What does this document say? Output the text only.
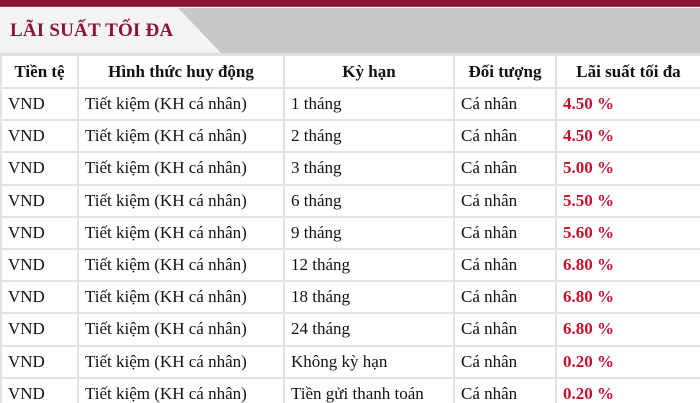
LÃI SUẤT TỐI ĐA
Tiền tệ	Hình thức huy động	Kỳ hạn	Đối tượng	Lãi suất tối đa
VND	Tiết kiệm (KH cá nhân)	1 tháng	Cá nhân	4.50 %
VND	Tiết kiệm (KH cá nhân)	2 tháng	Cá nhân	4.50 %
VND	Tiết kiệm (KH cá nhân)	3 tháng	Cá nhân	5.00 %
VND	Tiết kiệm (KH cá nhân)	6 tháng	Cá nhân	5.50 %
VND	Tiết kiệm (KH cá nhân)	9 tháng	Cá nhân	5.60 %
VND	Tiết kiệm (KH cá nhân)	12 tháng	Cá nhân	6.80 %
VND	Tiết kiệm (KH cá nhân)	18 tháng	Cá nhân	6.80 %
VND	Tiết kiệm (KH cá nhân)	24 tháng	Cá nhân	6.80 %
VND	Tiết kiệm (KH cá nhân)	Không kỳ hạn	Cá nhân	0.20 %
VND	Tiết kiệm (KH cá nhân)	Tiền gửi thanh toán	Cá nhân	0.20 %
